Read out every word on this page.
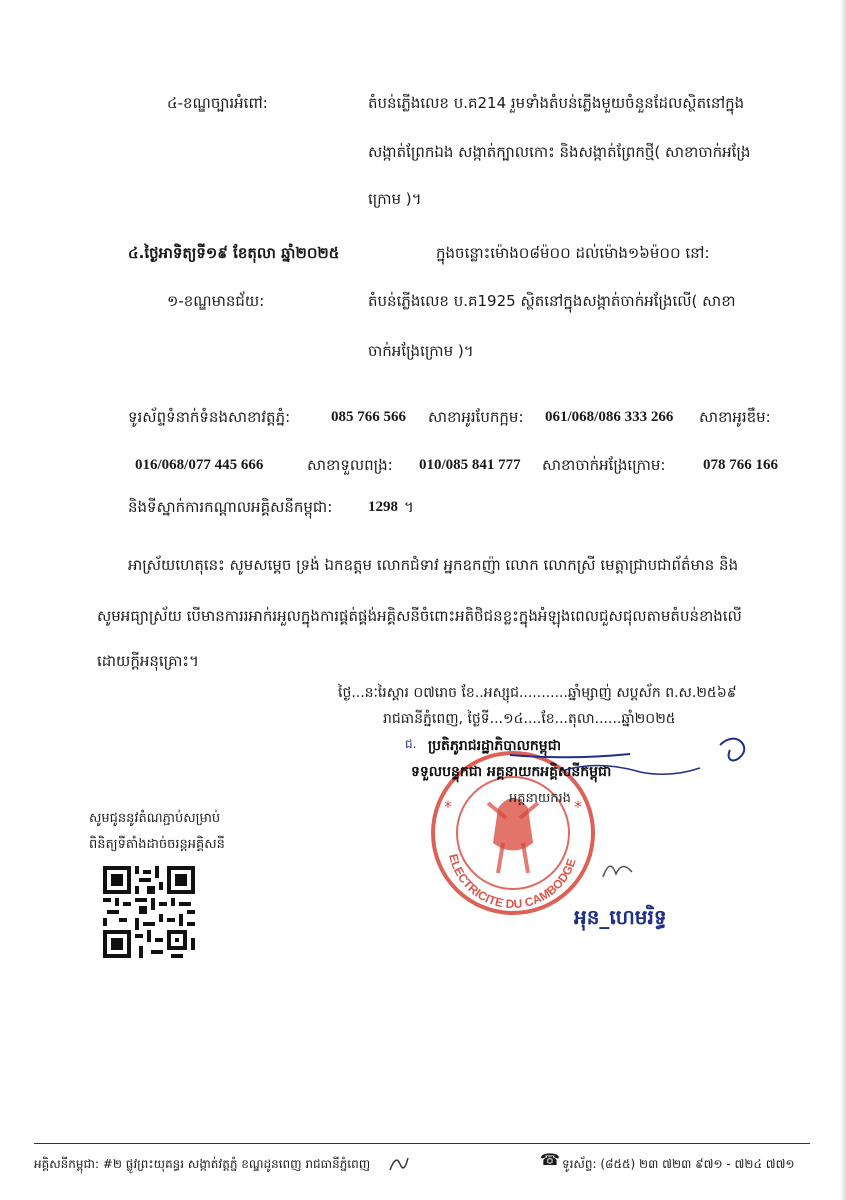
៤-ខណ្ឌច្បារអំពៅ:	តំបន់ភ្លើងលេខ ប.គ214 រួមទាំងតំបន់ភ្លើងមួយចំនួនដែលស្ថិតនៅក្នុង
សង្កាត់ព្រែកឯង សង្កាត់ក្បាលកោះ និងសង្កាត់ព្រែកថ្មី( សាខាចាក់អង្រែ
ក្រោម )។
៤.ថ្ងៃអាទិត្យទី១៩ ខែតុលា ឆ្នាំ២០២៥	ក្នុងចន្លោះម៉ោង០៨ម៉០០ ដល់ម៉ោង១៦ម៉០០ នៅ:
១-ខណ្ឌមានជ័យ:	តំបន់ភ្លើងលេខ ប.គ1925 ស្ថិតនៅក្នុងសង្កាត់ចាក់អង្រែលើ( សាខា
ចាក់អង្រែក្រោម )។
ទូរស័ព្ទទំនាក់ទំនងសាខាវត្តភ្នំ:	085 766 566 សាខាអូរបែកក្អម: 061/068/086 333 266 សាខាអូរឌឹម:
016/068/077 445 666	សាខាទួលពង្រ: 010/085 841 777 សាខាចាក់អង្រែក្រោម:	078 766 166
និងទីស្នាក់ការកណ្តាលអគ្គិសនីកម្ពុជា: 1298 ។
អាស្រ័យហេតុនេះ សូមសម្តេច ទ្រង់ ឯកឧត្តម លោកជំទាវ អ្នកឧកញ៉ា លោក លោកស្រី មេត្តាជ្រាបជាព័ត៌មាន និង
សូមអធ្យាស្រ័យ បើមានការរអាក់រអួលក្នុងការផ្គត់ផ្គង់អគ្គិសនីចំពោះអតិថិជនខ្លះក្នុងអំឡុងពេលជួសជុលតាមតំបន់ខាងលើ
ដោយក្តីអនុគ្រោះ។
ថ្ងៃ...នៈរៃស្គារ ០៧រោច ខែ..អស្សុជ...........ឆ្នាំម្សាញ់ សប្តស័ក ព.ស.២៥៦៩
រាជធានីភ្នំពេញ, ថ្ងៃទី...១៤....ខែ...តុលា......ឆ្នាំ២០២៥
ELECTRICITE DU CAMBODGE
*	*
ជ. ប្រតិភូរាជរដ្ឋាភិបាលកម្ពុជា
ទទួលបន្ទុកជា អគ្គនាយកអគ្គិសនីកម្ពុជា
អគ្គនាយករង
អុន_ហេមរិទ្ធ
សូមជូននូវតំណភ្ជាប់សម្រាប់
ពិនិត្យទីតាំងដាច់ចរន្តអគ្គិសនី
អគ្គិសនីកម្ពុជា: #២ ផ្លូវព្រះយុគន្ធរ សង្កាត់វត្តភ្នំ ខណ្ឌដូនពេញ រាជធានីភ្នំពេញ	☎ ទូរស័ព្ទ: (៨៥៥) ២៣ ៧២៣ ៩៧១ - ៧២៤ ៧៧១
